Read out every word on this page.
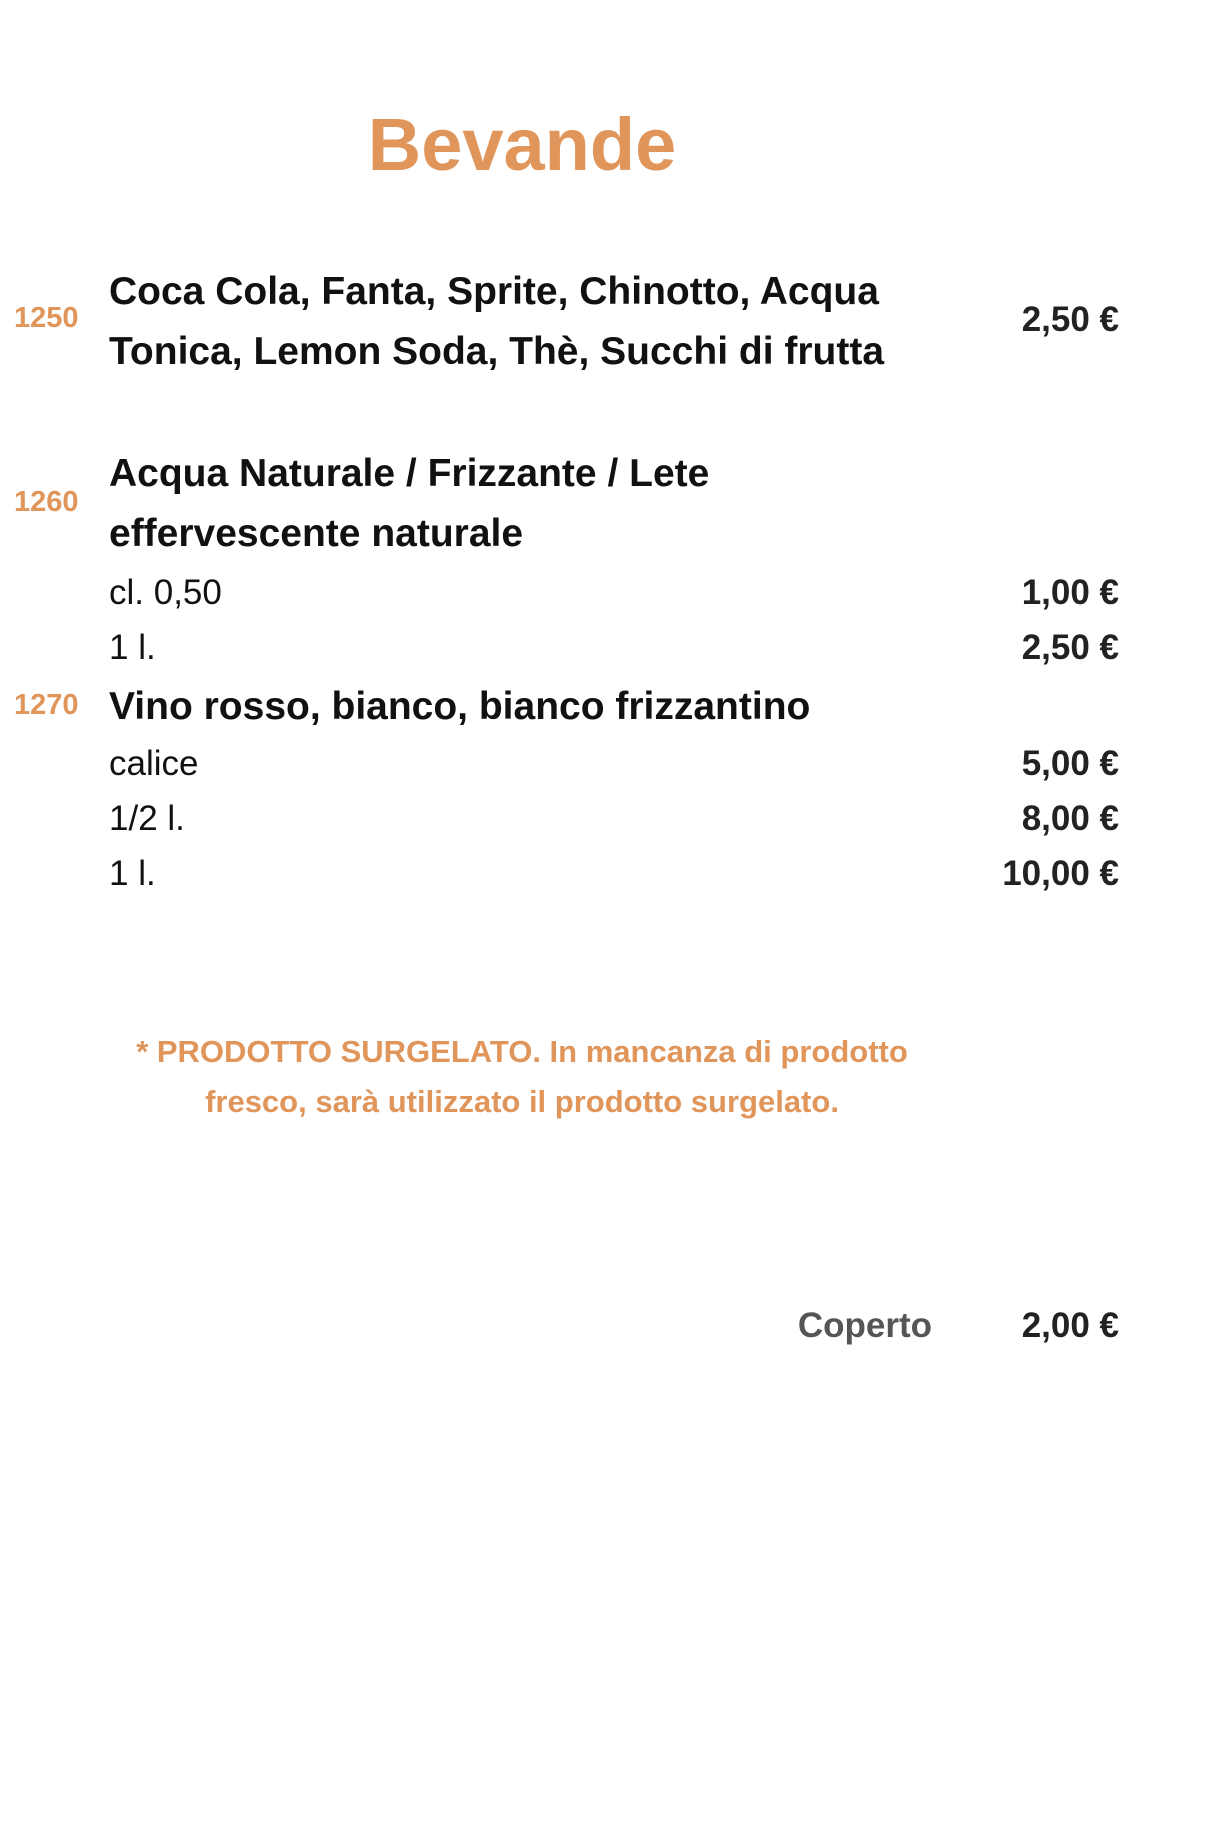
Bevande
1250
Coca Cola, Fanta, Sprite, Chinotto, Acqua
Tonica, Lemon Soda, Thè, Succhi di frutta
2,50 €
1260
Acqua Naturale / Frizzante / Lete
effervescente naturale
cl. 0,50	1,00 €
1 l.	2,50 €
1270 Vino rosso, bianco, bianco frizzantino
calice	5,00 €
1/2 l.	8,00 €
1 l.	10,00 €
* PRODOTTO SURGELATO. In mancanza di prodotto
fresco, sarà utilizzato il prodotto surgelato.
Coperto	2,00 €
